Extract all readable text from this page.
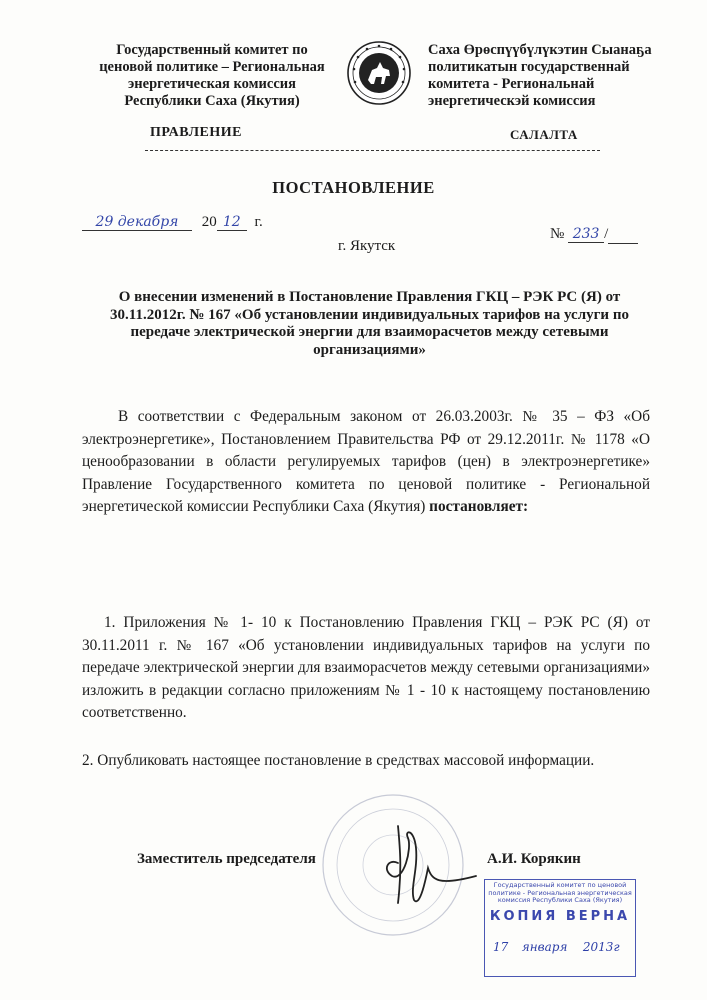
Государственный комитет по
ценовой политике – Региональная
энергетическая комиссия
Республики Саха (Якутия)
Саха Өрөспүүбүлүкэтин Сыанаҕа
политикатын государственнай
комитета - Региональнай
энергетическэй комиссия
ПРАВЛЕНИЕ	САЛАЛТА
ПОСТАНОВЛЕНИЕ
29 декабря 20 12 г.
№ 233 /
г. Якутск
О внесении изменений в Постановление Правления ГКЦ – РЭК РС (Я) от 30.11.2012г. № 167 «Об установлении индивидуальных тарифов на услуги по передаче электрической энергии для взаиморасчетов между сетевыми организациями»
В соответствии с Федеральным законом от 26.03.2003г. № 35 – ФЗ «Об электроэнергетике», Постановлением Правительства РФ от 29.12.2011г. № 1178 «О ценообразовании в области регулируемых тарифов (цен) в электроэнергетике» Правление Государственного комитета по ценовой политике - Региональной энергетической комиссии Республики Саха (Якутия) постановляет:
1. Приложения № 1- 10 к Постановлению Правления ГКЦ – РЭК РС (Я) от 30.11.2011 г. № 167 «Об установлении индивидуальных тарифов на услуги по передаче электрической энергии для взаиморасчетов между сетевыми организациями» изложить в редакции согласно приложениям № 1 - 10 к настоящему постановлению соответственно.
2. Опубликовать настоящее постановление в средствах массовой информации.
Заместитель председателя	А.И. Корякин
Государственный комитет по ценовой политике - Региональная энергетическая комиссия Республики Саха (Якутия)
КОПИЯ ВЕРНА
17 января 2013г
